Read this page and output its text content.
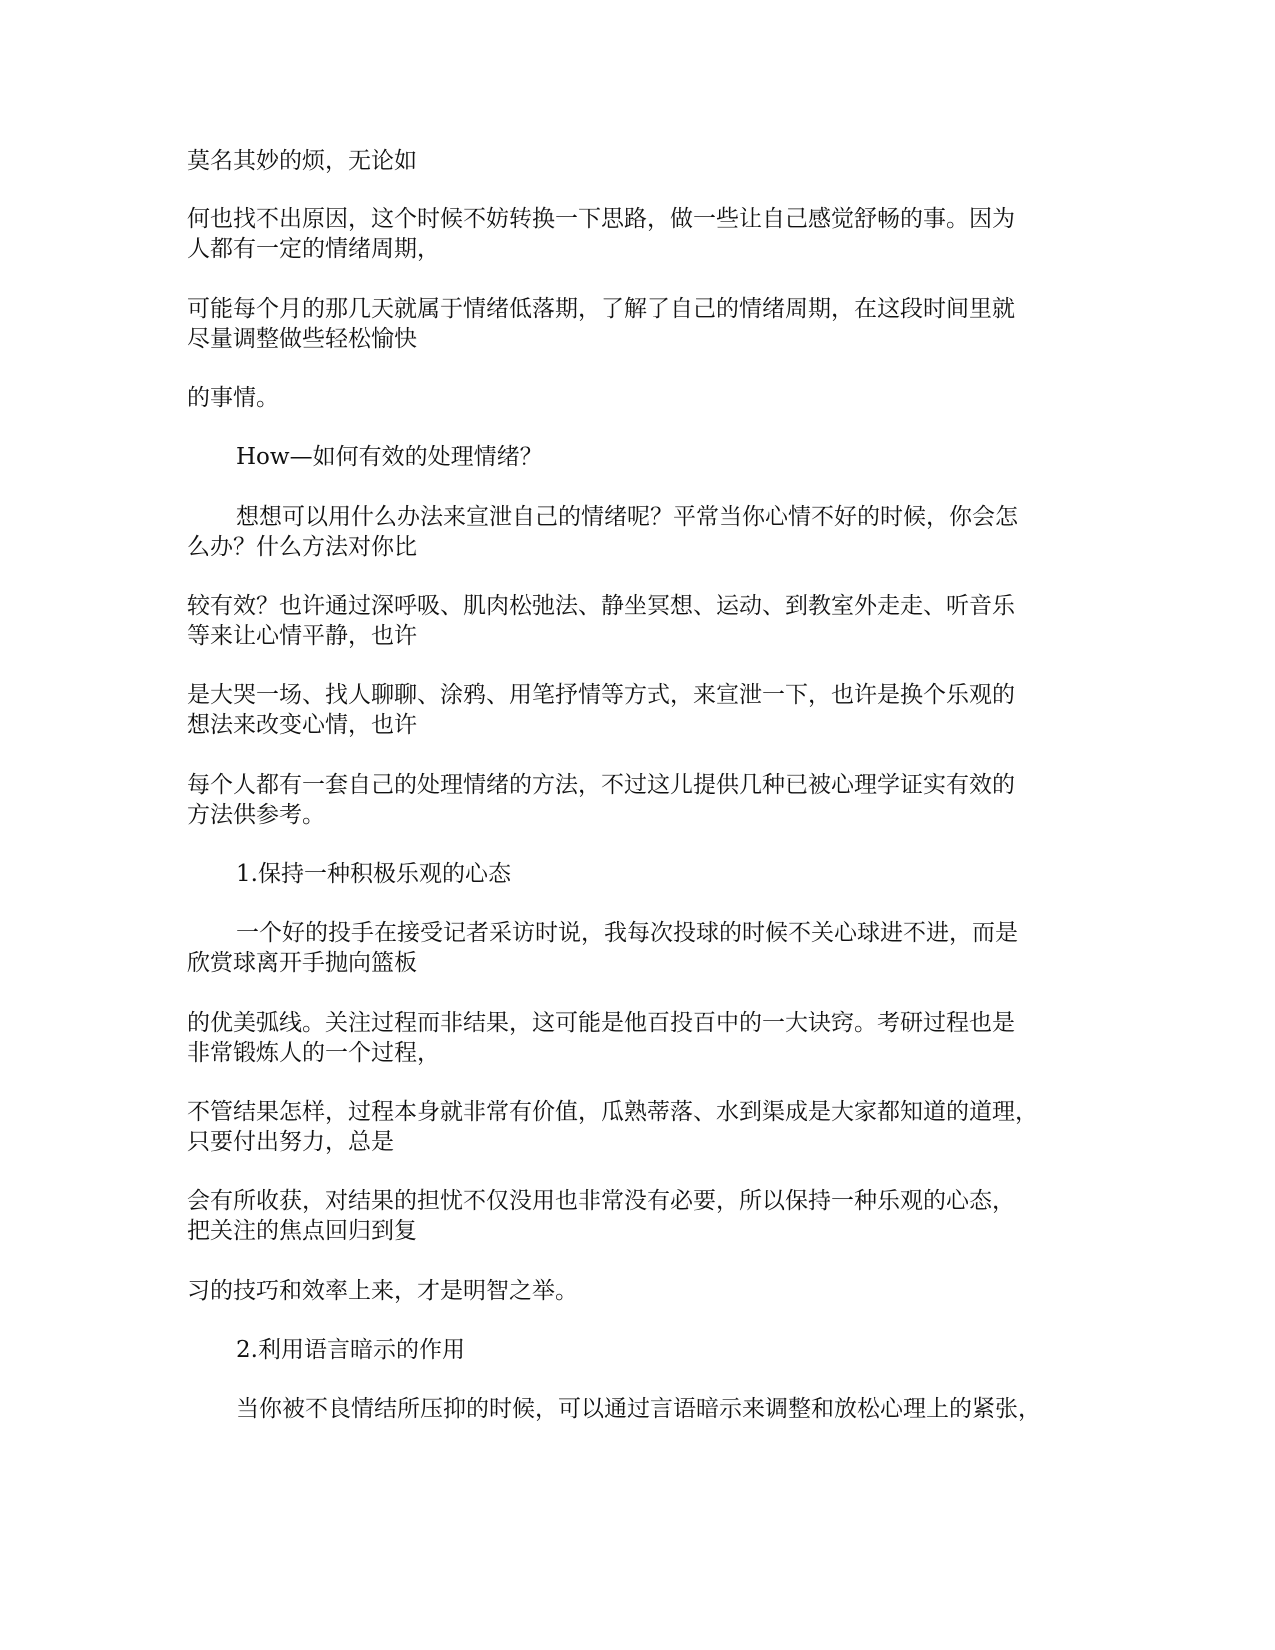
莫名其妙的烦，无论如
何也找不出原因，这个时候不妨转换一下思路，做一些让自己感觉舒畅的事。因为
人都有一定的情绪周期，
可能每个月的那几天就属于情绪低落期，了解了自己的情绪周期，在这段时间里就
尽量调整做些轻松愉快
的事情。
How—如何有效的处理情绪？
想想可以用什么办法来宣泄自己的情绪呢？平常当你心情不好的时候，你会怎
么办？什么方法对你比
较有效？也许通过深呼吸、肌肉松弛法、静坐冥想、运动、到教室外走走、听音乐
等来让心情平静，也许
是大哭一场、找人聊聊、涂鸦、用笔抒情等方式，来宣泄一下，也许是换个乐观的
想法来改变心情，也许
每个人都有一套自己的处理情绪的方法，不过这儿提供几种已被心理学证实有效的
方法供参考。
1.保持一种积极乐观的心态
一个好的投手在接受记者采访时说，我每次投球的时候不关心球进不进，而是
欣赏球离开手抛向篮板
的优美弧线。关注过程而非结果，这可能是他百投百中的一大诀窍。考研过程也是
非常锻炼人的一个过程，
不管结果怎样，过程本身就非常有价值，瓜熟蒂落、水到渠成是大家都知道的道理，
只要付出努力，总是
会有所收获，对结果的担忧不仅没用也非常没有必要，所以保持一种乐观的心态，
把关注的焦点回归到复
习的技巧和效率上来，才是明智之举。
2.利用语言暗示的作用
当你被不良情结所压抑的时候，可以通过言语暗示来调整和放松心理上的紧张，
